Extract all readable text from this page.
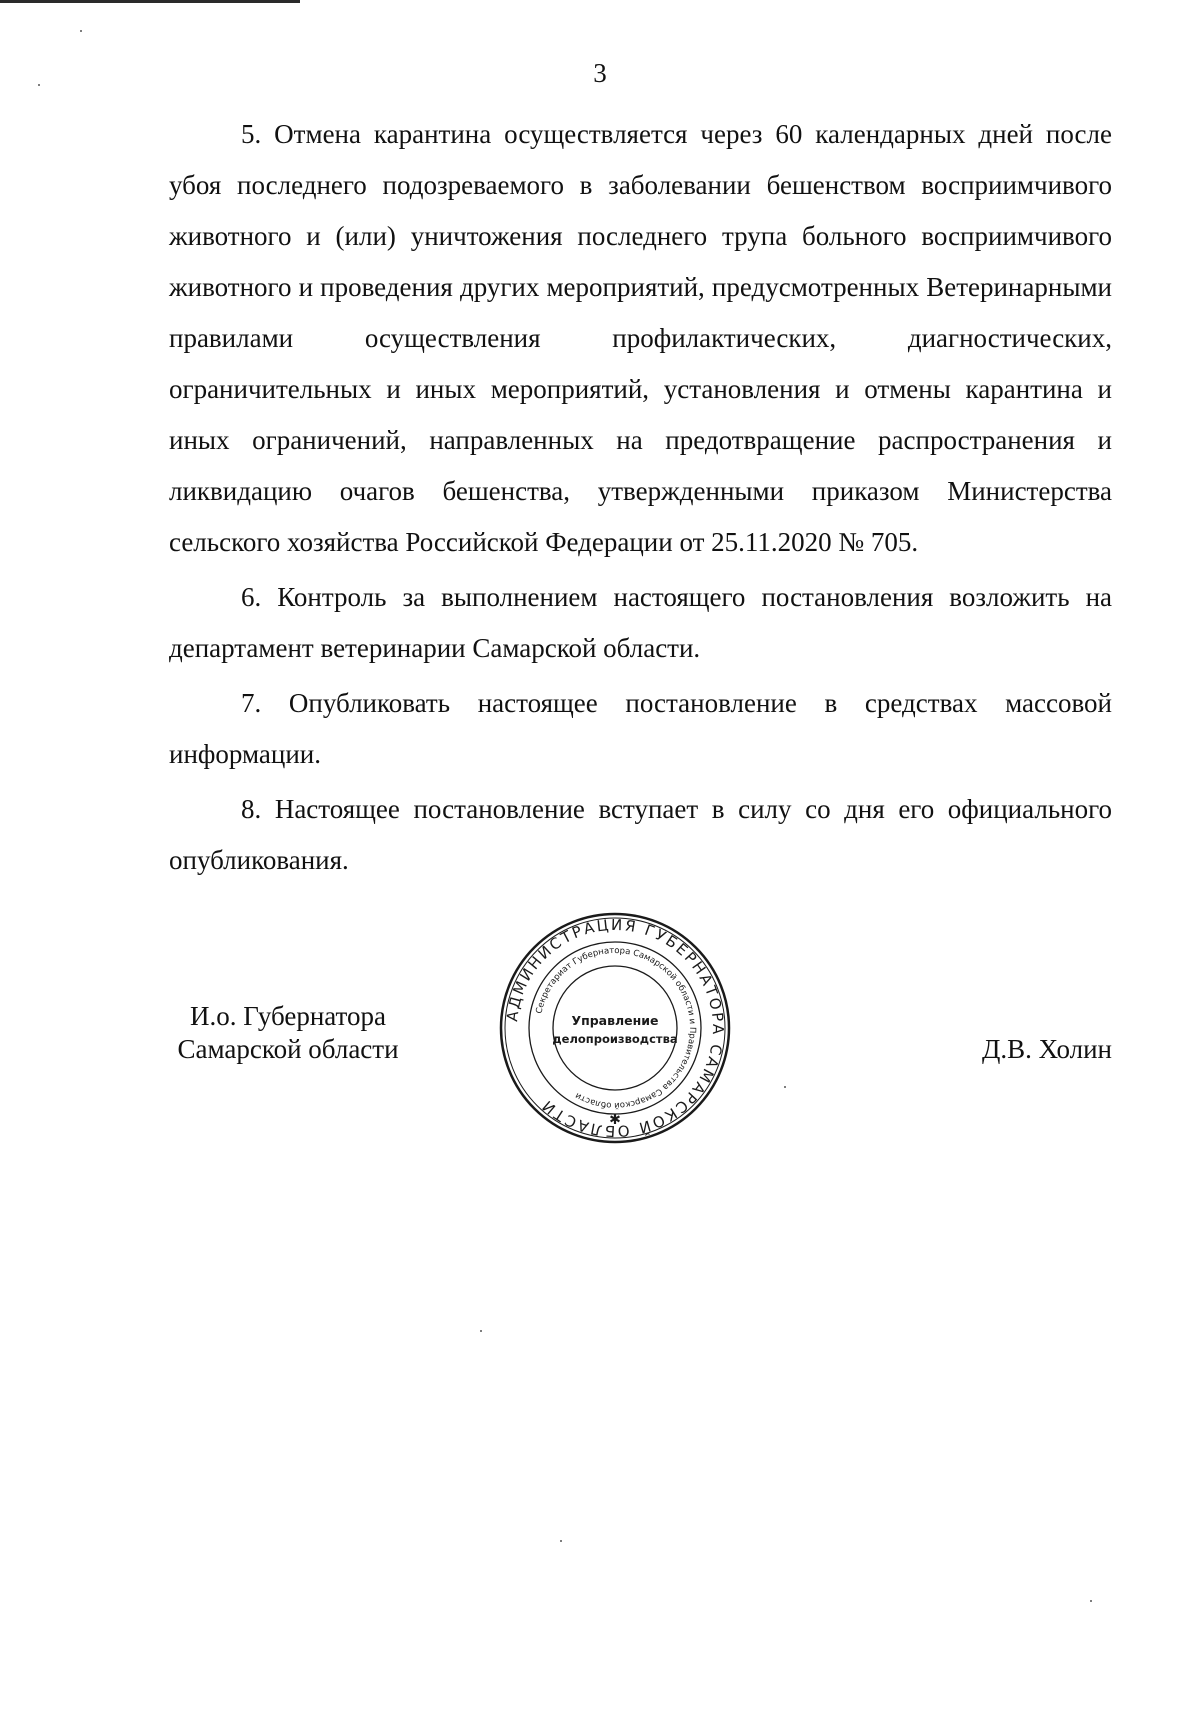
3

5. Отмена карантина осуществляется через 60 календарных дней после убоя последнего подозреваемого в заболевании бешенством восприимчивого животного и (или) уничтожения последнего трупа больного восприимчивого животного и проведения других мероприятий, предусмотренных Ветеринарными правилами осуществления профилактических, диагностических, ограничительных и иных мероприятий, установления и отмены карантина и иных ограничений, направленных на предотвращение распространения и ликвидацию очагов бешенства, утвержденными приказом Министерства сельского хозяйства Российской Федерации от 25.11.2020 № 705.

6. Контроль за выполнением настоящего постановления возложить на департамент ветеринарии Самарской области.

7. Опубликовать настоящее постановление в средствах массовой информации.

8. Настоящее постановление вступает в силу со дня его официального опубликования.

И.о. Губернатора
Самарской области	Д.В. Холин
АДМИНИСТРАЦИЯ ГУБЕРНАТОРА САМАРСКОЙ ОБЛАСТИ
Секретариат Губернатора Самарской области и Правительства Самарской области
Управление
делопроизводства
✱
